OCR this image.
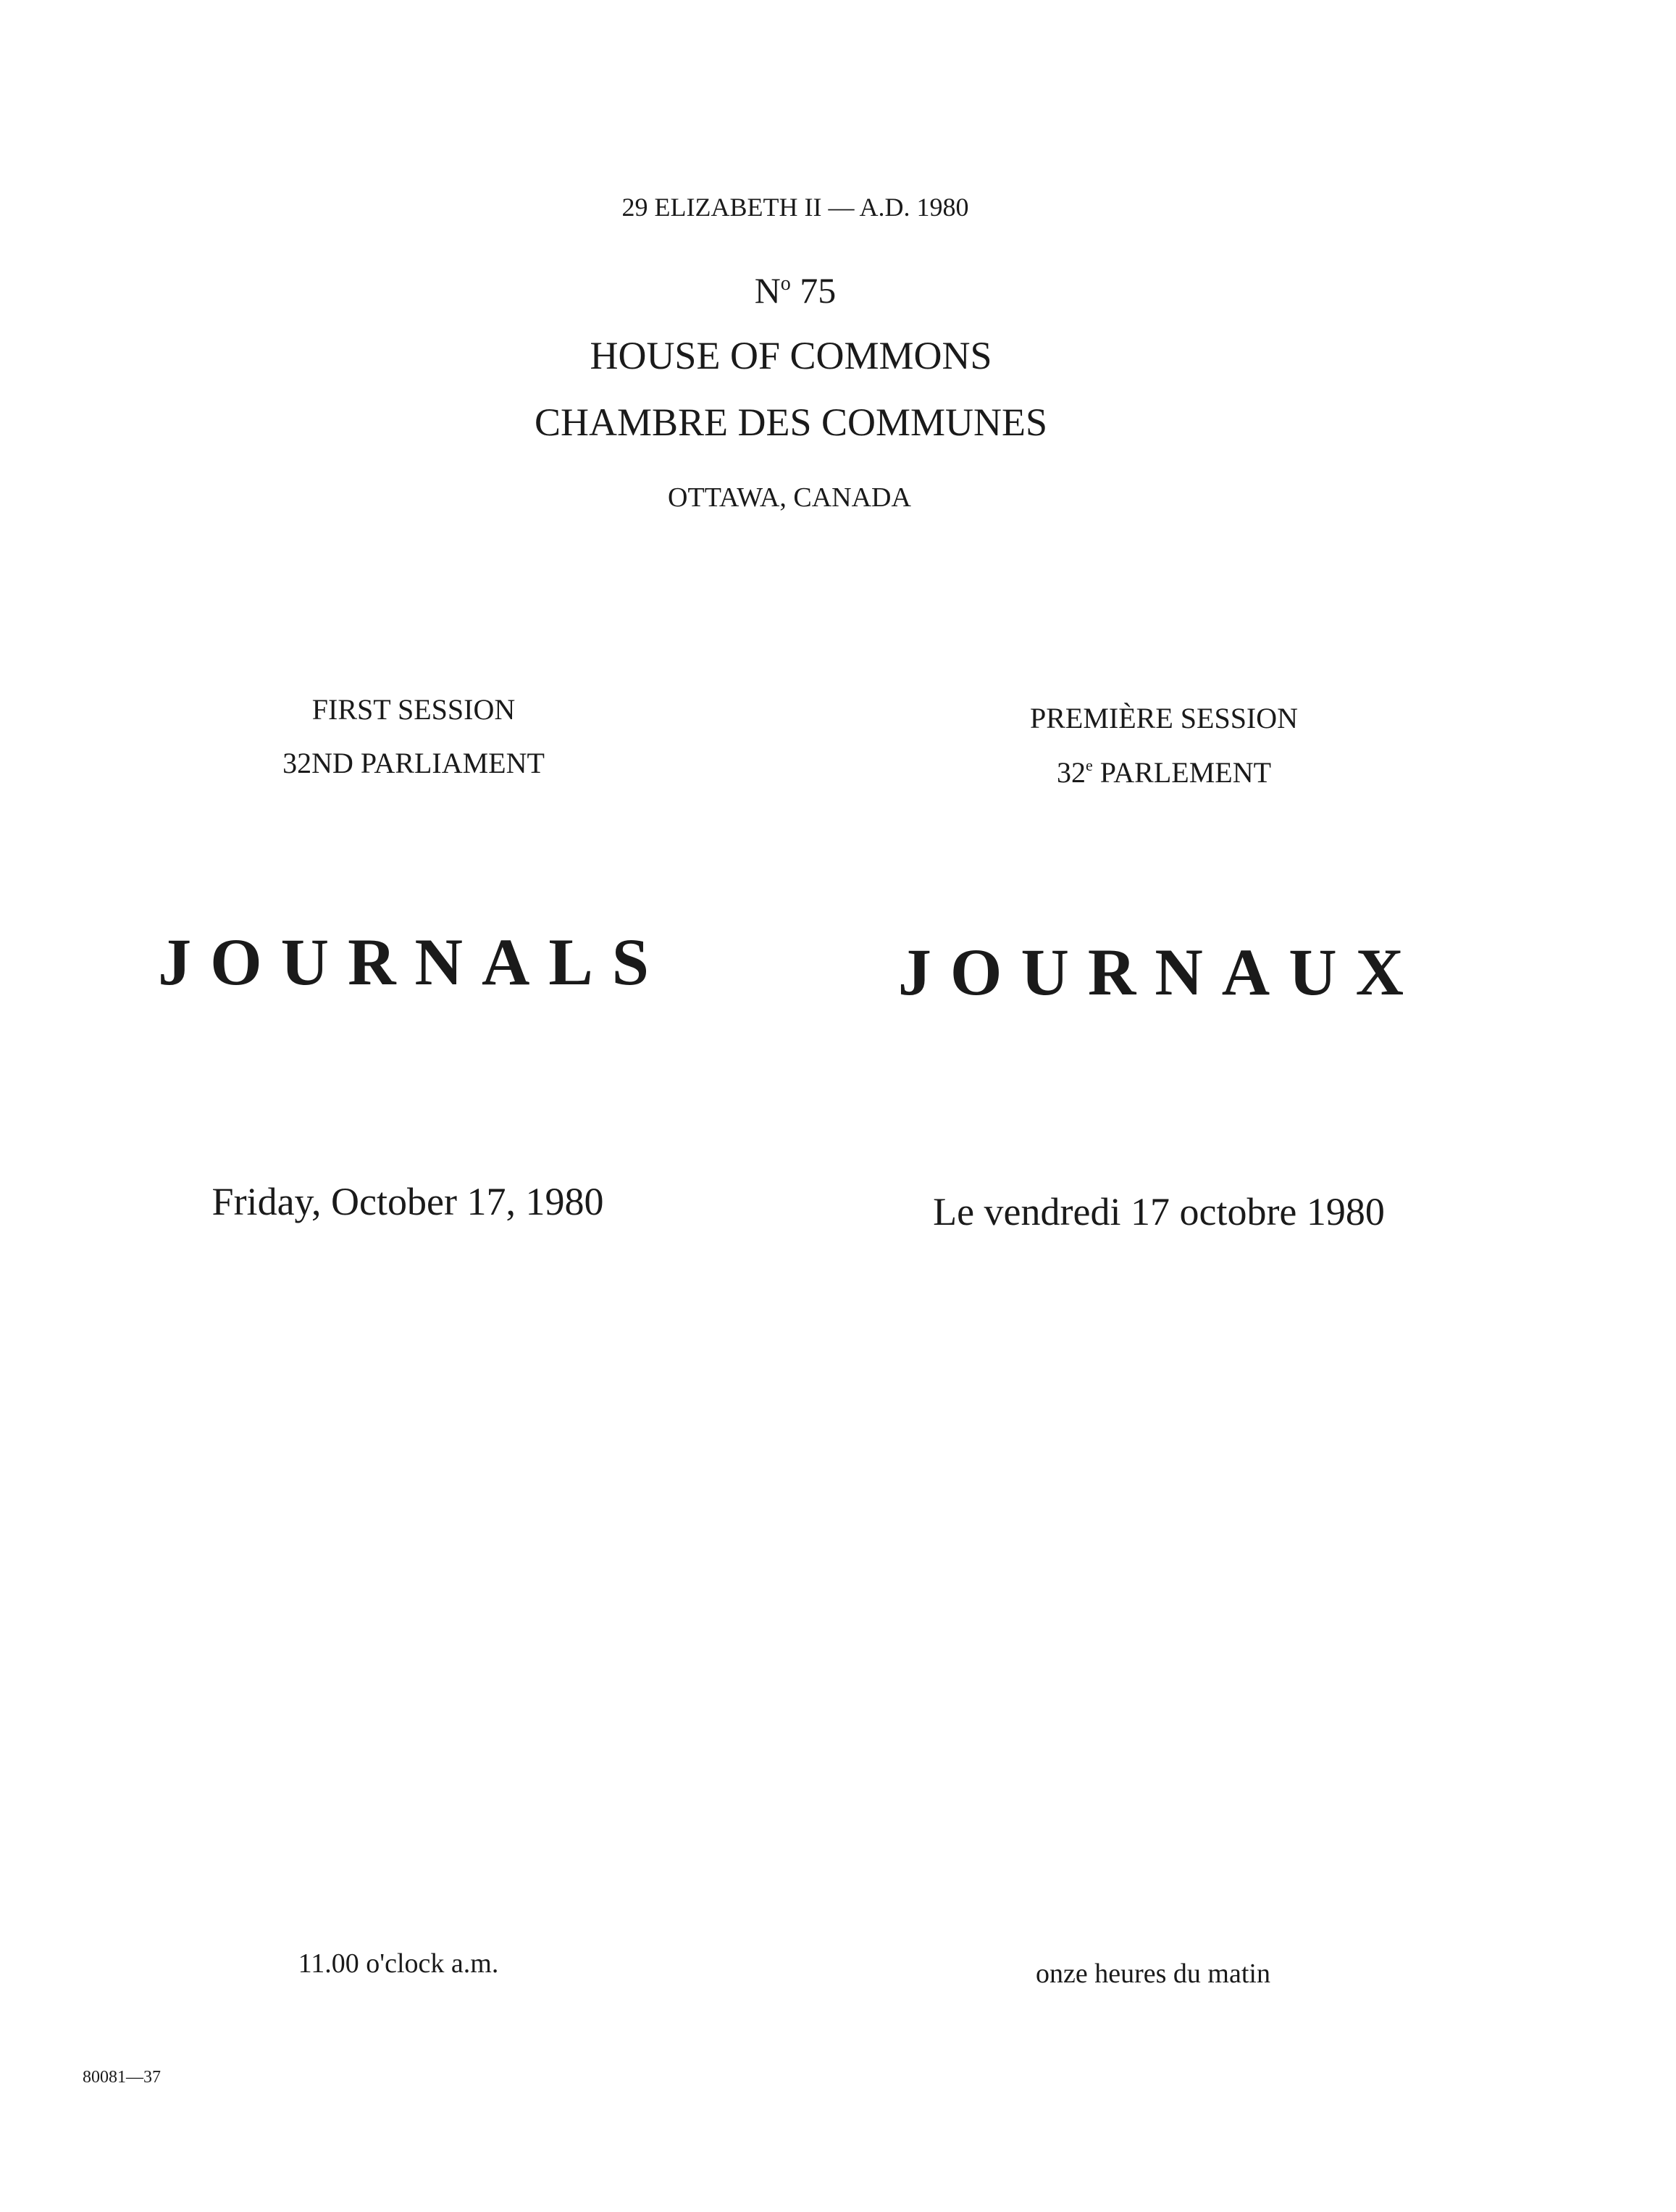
29 ELIZABETH II — A.D. 1980
$N^o$ 75
HOUSE OF COMMONS
CHAMBRE DES COMMUNES
OTTAWA, CANADA
FIRST SESSION
32ND PARLIAMENT
PREMIÈRE SESSION
32e PARLEMENT
JOURNALS	JOURNAUX
Friday, October 17, 1980	Le vendredi 17 octobre 1980
11.00 o'clock a.m.	onze heures du matin
80081—37
